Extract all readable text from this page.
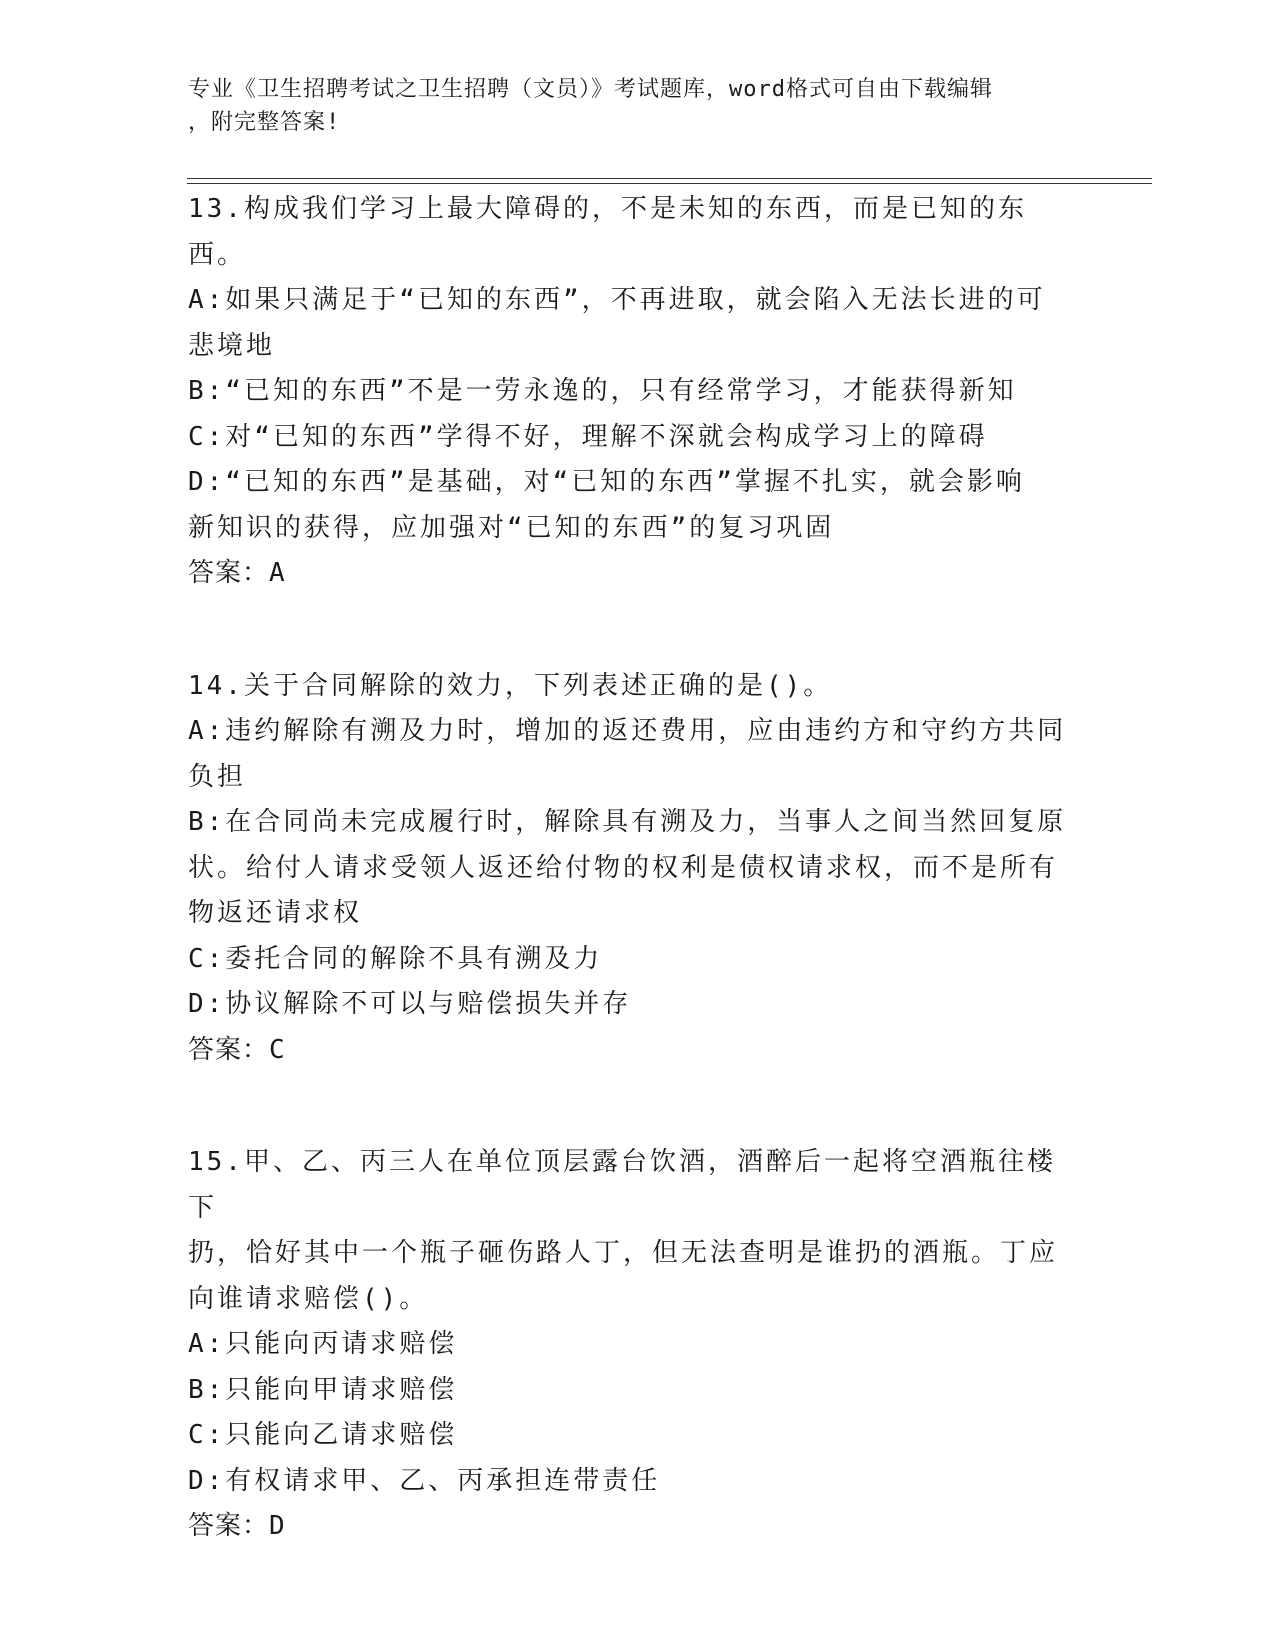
专业《卫生招聘考试之卫生招聘（文员）》考试题库，word格式可自由下载编辑
，附完整答案!
13.构成我们学习上最大障碍的，不是未知的东西，而是已知的东西。
A:如果只满足于“已知的东西”，不再进取，就会陷入无法长进的可
悲境地
B:“已知的东西”不是一劳永逸的，只有经常学习，才能获得新知
C:对“已知的东西”学得不好，理解不深就会构成学习上的障碍
D:“已知的东西”是基础，对“已知的东西”掌握不扎实，就会影响
新知识的获得，应加强对“已知的东西”的复习巩固
答案：A
14.关于合同解除的效力，下列表述正确的是()。
A:违约解除有溯及力时，增加的返还费用，应由违约方和守约方共同
负担
B:在合同尚未完成履行时，解除具有溯及力，当事人之间当然回复原
状。给付人请求受领人返还给付物的权利是债权请求权，而不是所有
物返还请求权
C:委托合同的解除不具有溯及力
D:协议解除不可以与赔偿损失并存
答案：C
15.甲、乙、丙三人在单位顶层露台饮酒，酒醉后一起将空酒瓶往楼下
扔，恰好其中一个瓶子砸伤路人丁，但无法查明是谁扔的酒瓶。丁应
向谁请求赔偿()。
A:只能向丙请求赔偿
B:只能向甲请求赔偿
C:只能向乙请求赔偿
D:有权请求甲、乙、丙承担连带责任
答案：D
